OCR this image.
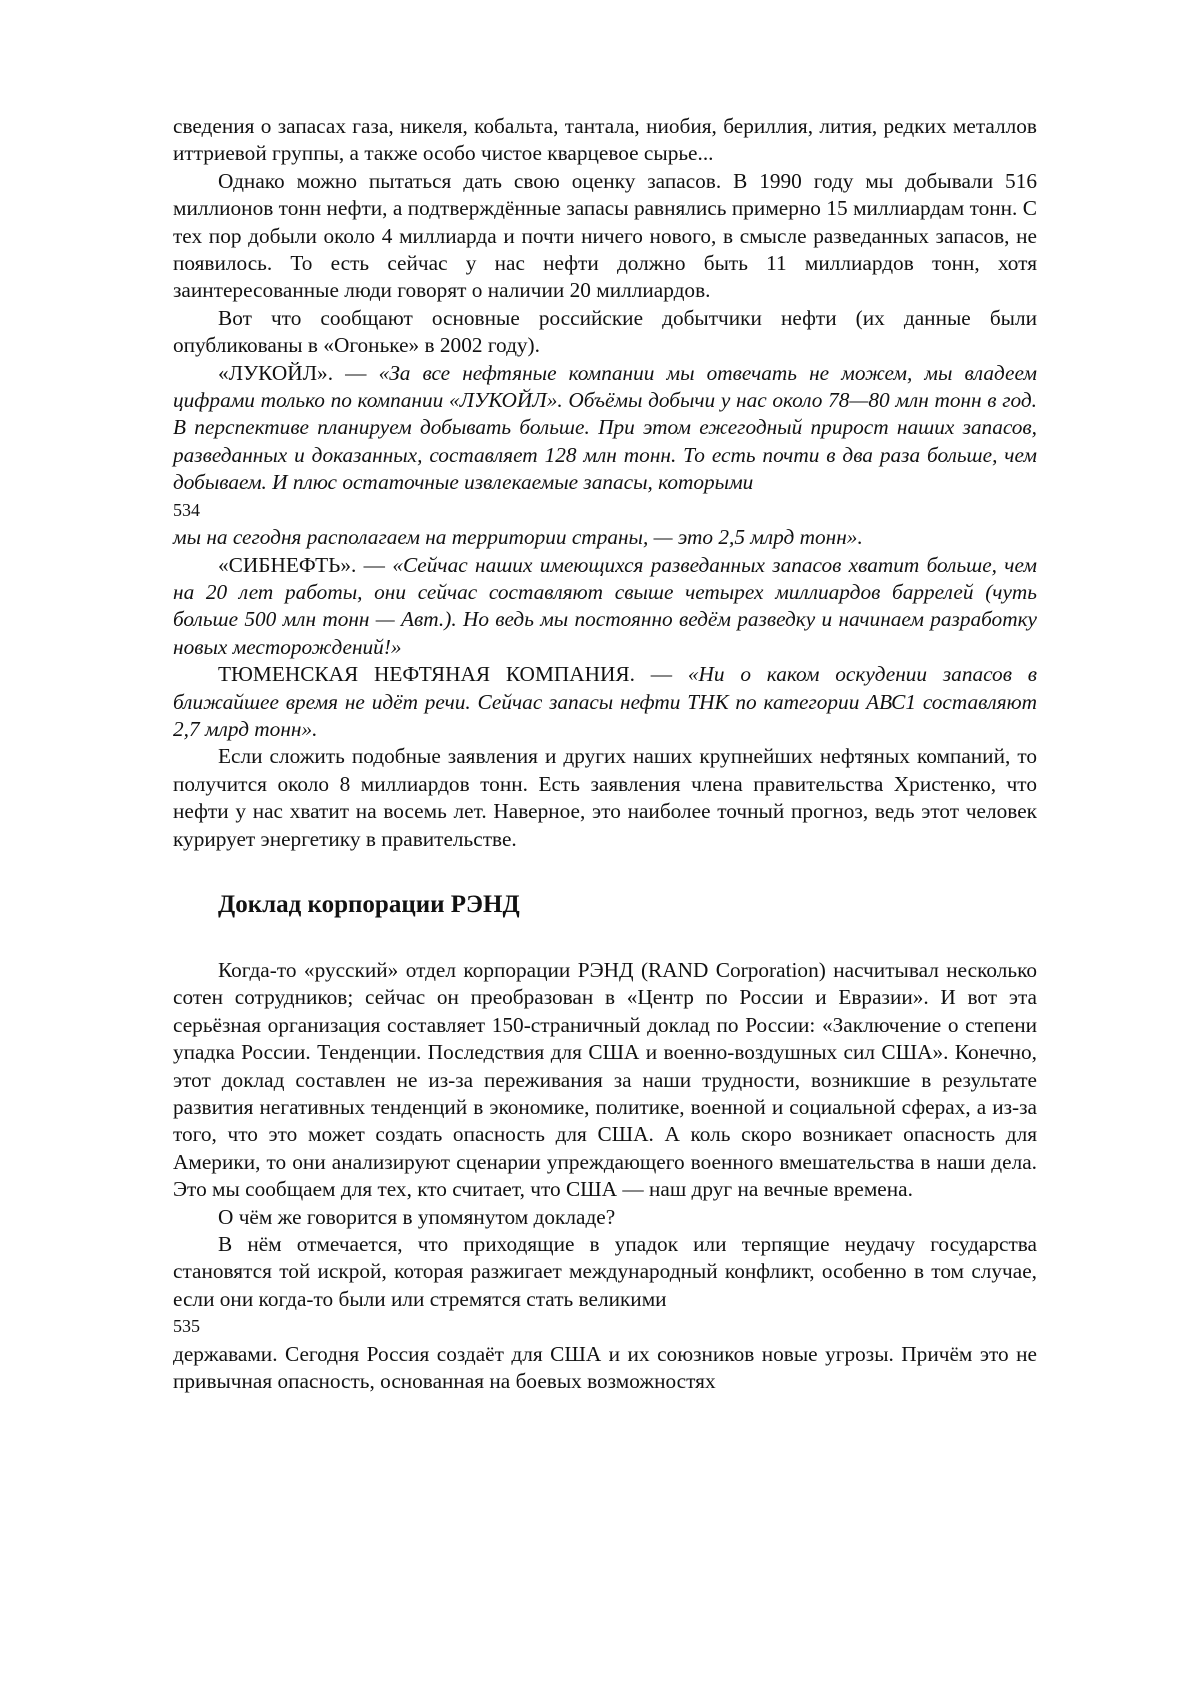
сведения о запасах газа, никеля, кобальта, тантала, ниобия, бериллия, лития, редких металлов иттриевой группы, а также особо чистое кварцевое сырье...

Однако можно пытаться дать свою оценку запасов. В 1990 году мы добывали 516 миллионов тонн нефти, а подтверждённые запасы равнялись примерно 15 миллиардам тонн. С тех пор добыли около 4 миллиарда и почти ничего нового, в смысле разведанных запасов, не появилось. То есть сейчас у нас нефти должно быть 11 миллиардов тонн, хотя заинтересованные люди говорят о наличии 20 миллиардов.

Вот что сообщают основные российские добытчики нефти (их данные были опубликованы в «Огоньке» в 2002 году).

«ЛУКОЙЛ». — «За все нефтяные компании мы отвечать не можем, мы владеем цифрами только по компании «ЛУКОЙЛ». Объёмы добычи у нас около 78—80 млн тонн в год. В перспективе планируем добывать больше. При этом ежегодный прирост наших запасов, разведанных и доказанных, составляет 128 млн тонн. То есть почти в два раза больше, чем добываем. И плюс остаточные извлекаемые запасы, которыми

534

мы на сегодня располагаем на территории страны, — это 2,5 млрд тонн».

«СИБНЕФТЬ». — «Сейчас наших имеющихся разведанных запасов хватит больше, чем на 20 лет работы, они сейчас составляют свыше четырех миллиардов баррелей (чуть больше 500 млн тонн — Авт.). Но ведь мы постоянно ведём разведку и начинаем разработку новых месторождений!»

ТЮМЕНСКАЯ НЕФТЯНАЯ КОМПАНИЯ. — «Ни о каком оскудении запасов в ближайшее время не идёт речи. Сейчас запасы нефти ТНК по категории АВС1 составляют 2,7 млрд тонн».

Если сложить подобные заявления и других наших крупнейших нефтяных компаний, то получится около 8 миллиардов тонн. Есть заявления члена правительства Христенко, что нефти у нас хватит на восемь лет. Наверное, это наиболее точный прогноз, ведь этот человек курирует энергетику в правительстве.

Доклад корпорации РЭНД

Когда-то «русский» отдел корпорации РЭНД (RAND Corporation) насчитывал несколько сотен сотрудников; сейчас он преобразован в «Центр по России и Евразии». И вот эта серьёзная организация составляет 150-страничный доклад по России: «Заключение о степени упадка России. Тенденции. Последствия для США и военно-воздушных сил США». Конечно, этот доклад составлен не из-за переживания за наши трудности, возникшие в результате развития негативных тенденций в экономике, политике, военной и социальной сферах, а из-за того, что это может создать опасность для США. А коль скоро возникает опасность для Америки, то они анализируют сценарии упреждающего военного вмешательства в наши дела. Это мы сообщаем для тех, кто считает, что США — наш друг на вечные времена.

О чём же говорится в упомянутом докладе?

В нём отмечается, что приходящие в упадок или терпящие неудачу государства становятся той искрой, которая разжигает международный конфликт, особенно в том случае, если они когда-то были или стремятся стать великими

535

державами. Сегодня Россия создаёт для США и их союзников новые угрозы. Причём это не привычная опасность, основанная на боевых возможностях
